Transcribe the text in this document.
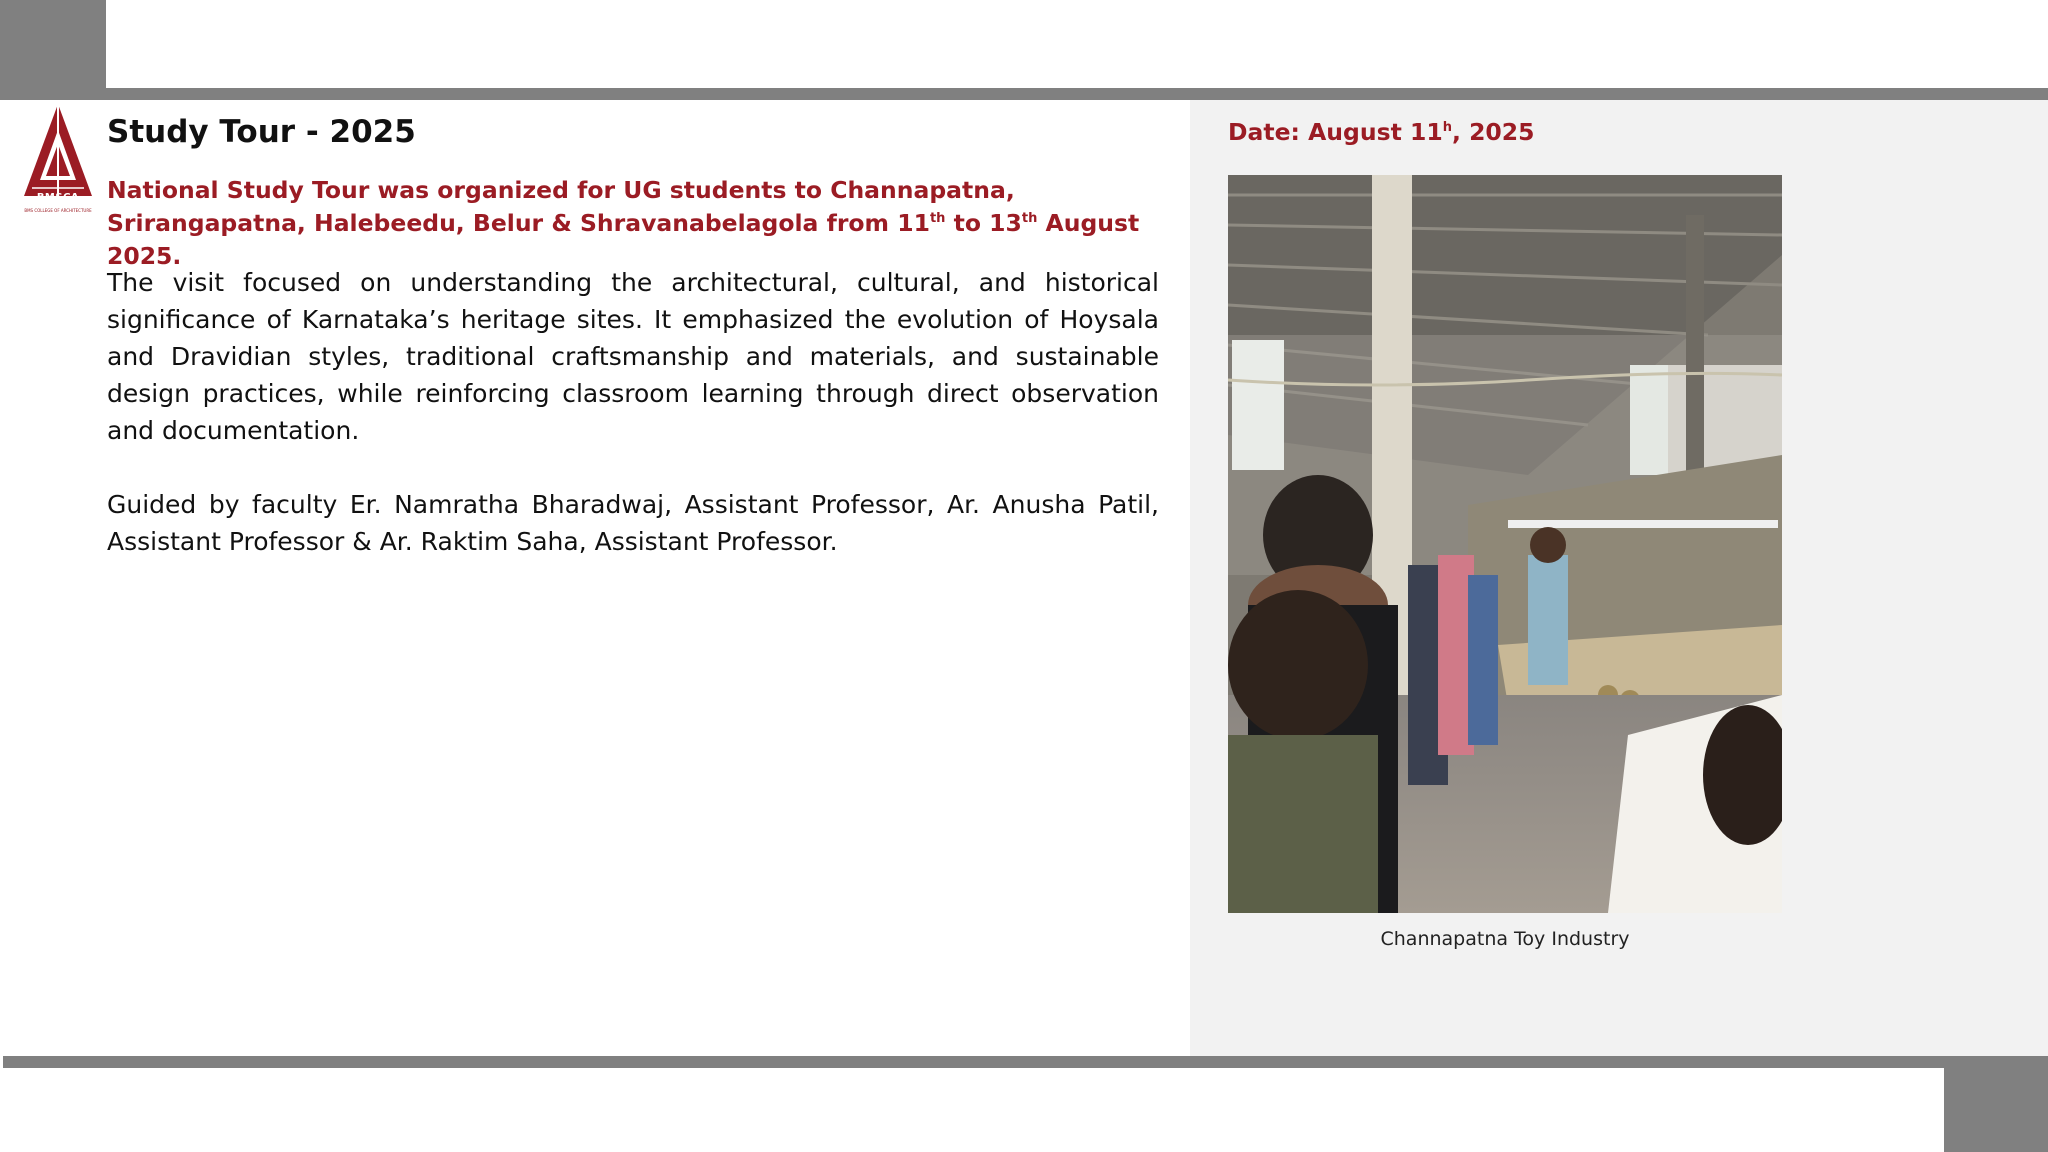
BMSCA
BMS COLLEGE OF ARCHITECTURE
Study Tour - 2025

National Study Tour was organized for UG students to Channapatna, Srirangapatna, Halebeedu, Belur & Shravanabelagola from 11th to 13th August 2025.

The visit focused on understanding the architectural, cultural, and historical significance of Karnataka’s heritage sites. It emphasized the evolution of Hoysala and Dravidian styles, traditional craftsmanship and materials, and sustainable design practices, while reinforcing classroom learning through direct observation and documentation.

Guided by faculty Er. Namratha Bharadwaj, Assistant Professor, Ar. Anusha Patil, Assistant Professor & Ar. Raktim Saha, Assistant Professor.

Date: August 11$^h$, 2025

Channapatna Toy Industry
